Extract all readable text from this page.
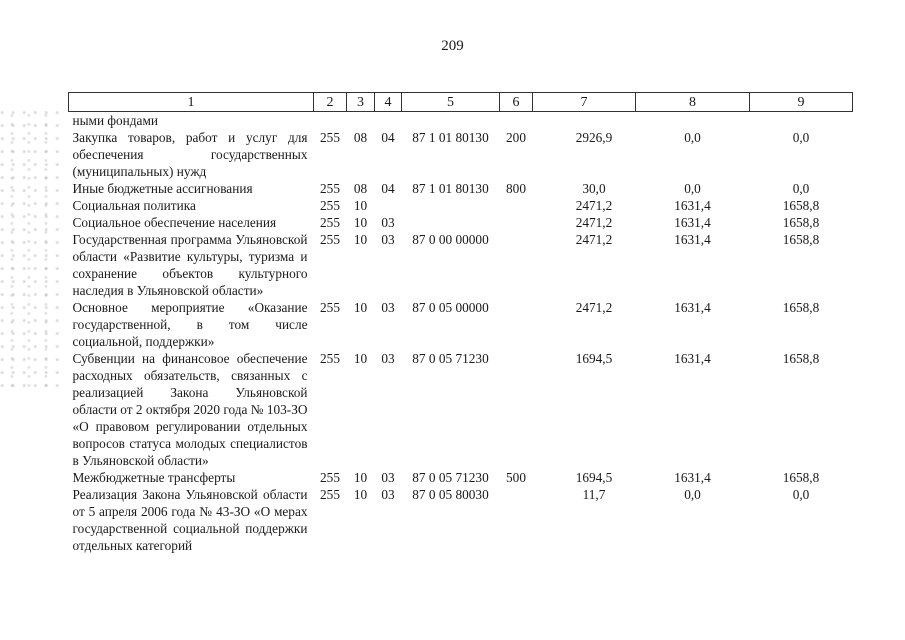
209
1	2	3	4	5	6	7	8	9
ными фондами								
Закупка товаров, работ и услуг для обеспечения государственных (муниципальных) нужд	255	08	04	87 1 01 80130	200	2926,9	0,0	0,0
Иные бюджетные ассигнования	255	08	04	87 1 01 80130	800	30,0	0,0	0,0
Социальная политика	255	10				2471,2	1631,4	1658,8
Социальное обеспечение населения	255	10	03			2471,2	1631,4	1658,8
Государственная программа Ульяновской области «Развитие культуры, туризма и сохранение объектов культурного наследия в Ульяновской области»	255	10	03	87 0 00 00000		2471,2	1631,4	1658,8
Основное мероприятие «Оказание государственной, в том числе социальной, поддержки»	255	10	03	87 0 05 00000		2471,2	1631,4	1658,8
Субвенции на финансовое обеспечение расходных обязательств, связанных с реализацией Закона Ульяновской области от 2 октября 2020 года № 103-ЗО «О правовом регулировании отдельных вопросов статуса молодых специалистов в Ульяновской области»	255	10	03	87 0 05 71230		1694,5	1631,4	1658,8
Межбюджетные трансферты	255	10	03	87 0 05 71230	500	1694,5	1631,4	1658,8
Реализация Закона Ульяновской области от 5 апреля 2006 года № 43-ЗО «О мерах государственной социальной поддержки отдельных категорий	255	10	03	87 0 05 80030		11,7	0,0	0,0
